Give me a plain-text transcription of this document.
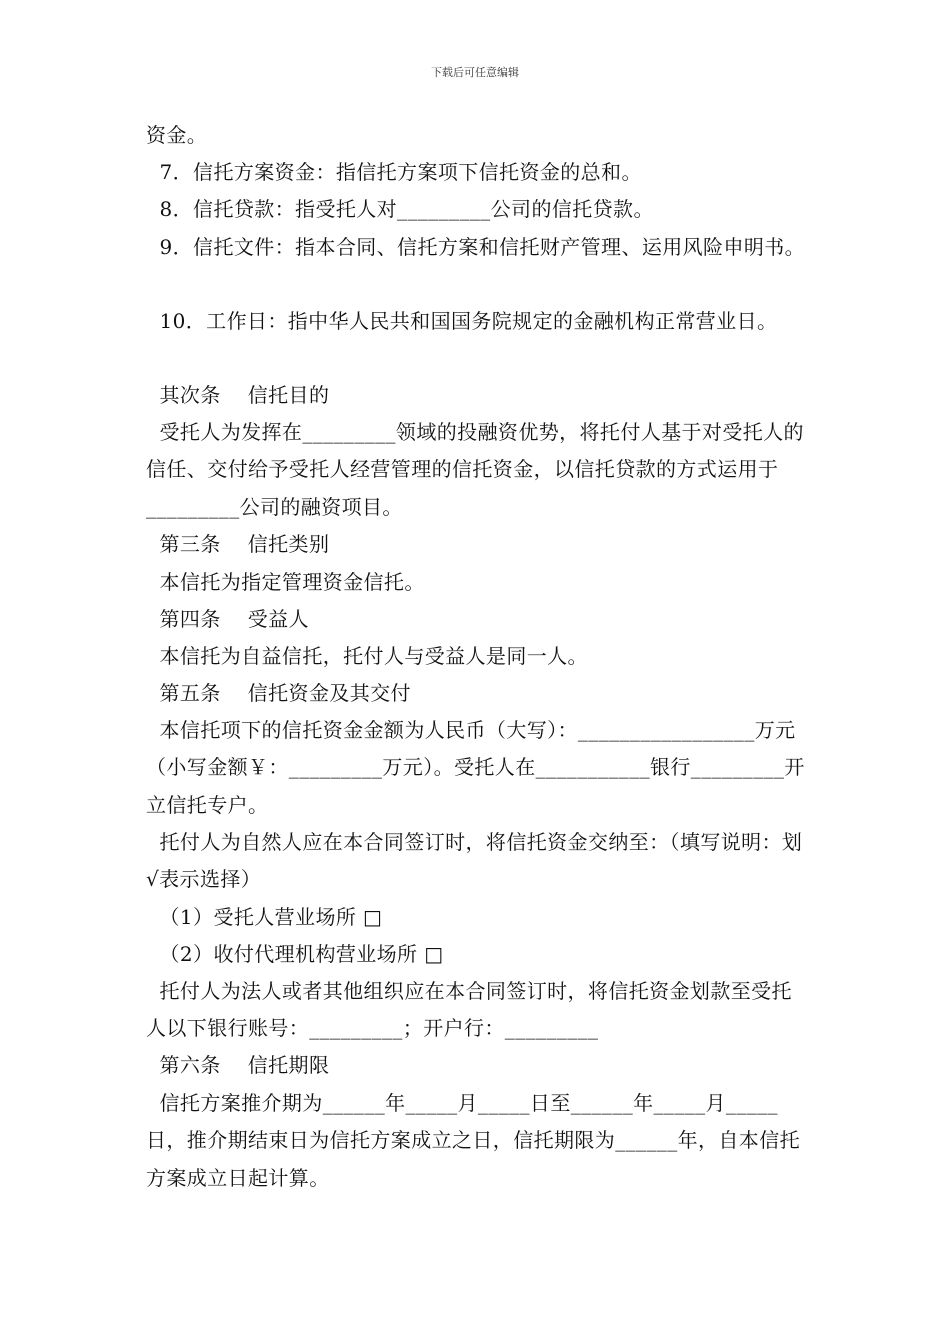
下载后可任意编辑
资金。
7．信托方案资金：指信托方案项下信托资金的总和。
8．信托贷款：指受托人对_________公司的信托贷款。
9．信托文件：指本合同、信托方案和信托财产管理、运用风险申明书。
10．工作日：指中华人民共和国国务院规定的金融机构正常营业日。
其次条    信托目的
受托人为发挥在_________领域的投融资优势，将托付人基于对受托人的信任、交付给予受托人经营管理的信托资金，以信托贷款的方式运用于_________公司的融资项目。
第三条    信托类别
本信托为指定管理资金信托。
第四条    受益人
本信托为自益信托，托付人与受益人是同一人。
第五条    信托资金及其交付
本信托项下的信托资金金额为人民币（大写）：_________________万元（小写金额￥：_________万元）。受托人在___________银行_________开立信托专户。
托付人为自然人应在本合同签订时，将信托资金交纳至：（填写说明：划√表示选择）
（1）受托人营业场所 □
（2）收付代理机构营业场所 □
托付人为法人或者其他组织应在本合同签订时，将信托资金划款至受托人以下银行账号：_________；开户行：_________
第六条    信托期限
信托方案推介期为______年_____月_____日至______年_____月_____日，推介期结束日为信托方案成立之日，信托期限为______年，自本信托方案成立日起计算。
